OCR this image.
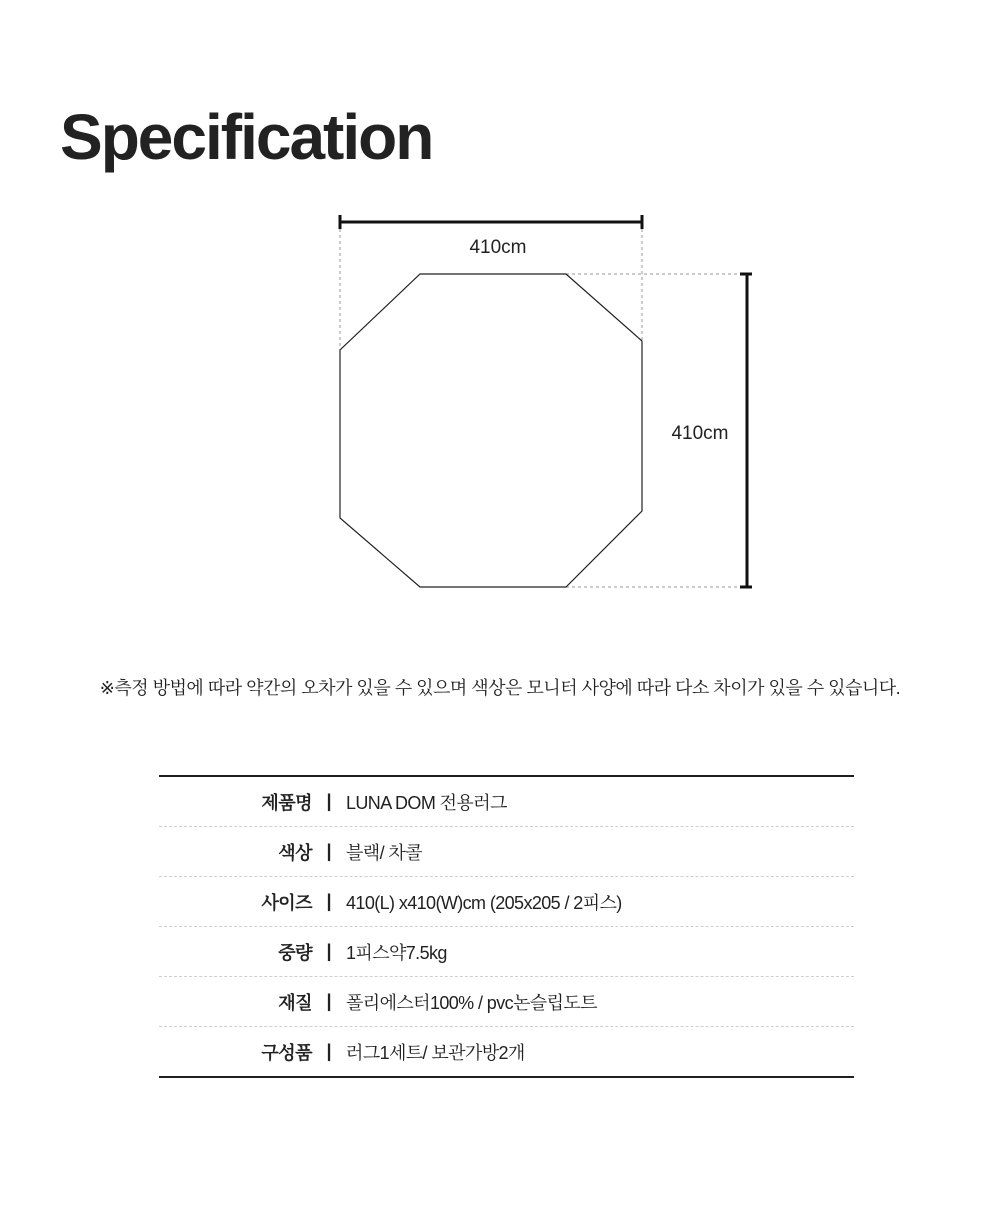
Specification
410cm
410cm
※측정 방법에 따라 약간의 오차가 있을 수 있으며 색상은 모니터 사양에 따라 다소 차이가 있을 수 있습니다.
제품명 | LUNA DOM 전용러그
색상 | 블랙/ 차콜
사이즈 | 410(L) x410(W)cm (205x205 / 2피스)
중량 | 1피스약7.5kg
재질 | 폴리에스터100% / pvc논슬립도트
구성품 | 러그1세트/ 보관가방2개
